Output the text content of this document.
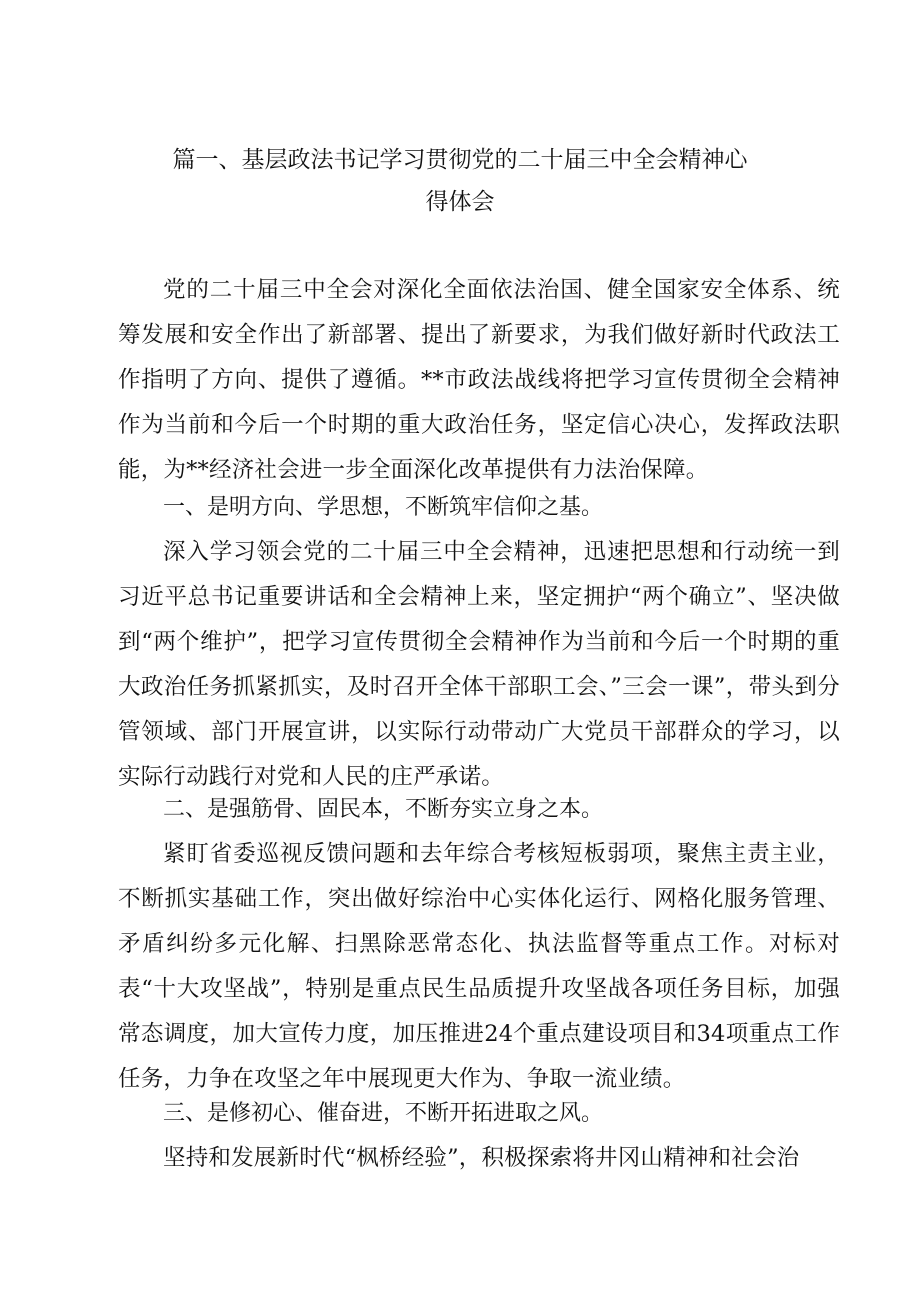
篇一、基层政法书记学习贯彻党的二十届三中全会精神心
得体会

党的二十届三中全会对深化全面依法治国、健全国家安全体系、统筹发展和安全作出了新部署、提出了新要求，为我们做好新时代政法工作指明了方向、提供了遵循。**市政法战线将把学习宣传贯彻全会精神作为当前和今后一个时期的重大政治任务，坚定信心决心，发挥政法职能，为**经济社会进一步全面深化改革提供有力法治保障。

一、是明方向、学思想，不断筑牢信仰之基。

深入学习领会党的二十届三中全会精神，迅速把思想和行动统一到习近平总书记重要讲话和全会精神上来，坚定拥护“两个确立”、坚决做到“两个维护”，把学习宣传贯彻全会精神作为当前和今后一个时期的重大政治任务抓紧抓实，及时召开全体干部职工会、”三会一课”，带头到分管领域、部门开展宣讲，以实际行动带动广大党员干部群众的学习，以实际行动践行对党和人民的庄严承诺。

二、是强筋骨、固民本，不断夯实立身之本。

紧盯省委巡视反馈问题和去年综合考核短板弱项，聚焦主责主业，不断抓实基础工作，突出做好综治中心实体化运行、网格化服务管理、矛盾纠纷多元化解、扫黑除恶常态化、执法监督等重点工作。对标对表“十大攻坚战”，特别是重点民生品质提升攻坚战各项任务目标，加强常态调度，加大宣传力度，加压推进24个重点建设项目和34项重点工作任务，力争在攻坚之年中展现更大作为、争取一流业绩。

三、是修初心、催奋进，不断开拓进取之风。

坚持和发展新时代“枫桥经验”，积极探索将井冈山精神和社会治
